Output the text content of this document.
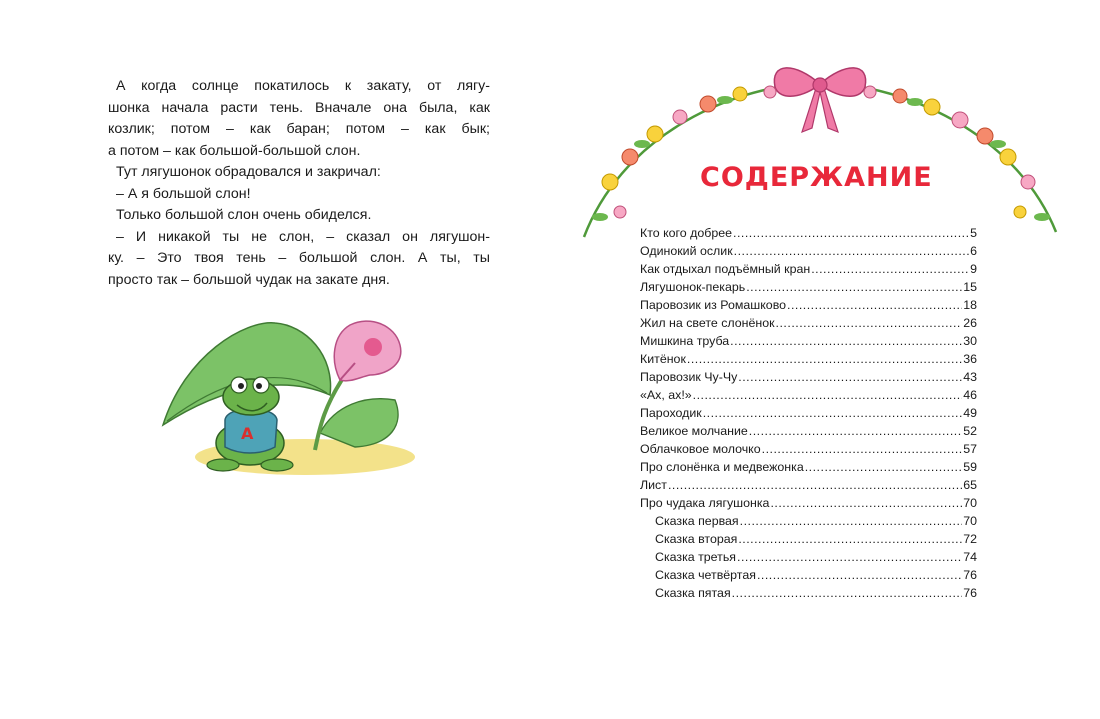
А когда солнце покатилось к закату, от лягу-

шонка начала расти тень. Вначале она была, как

козлик; потом – как баран; потом – как бык;

а потом – как большой-большой слон.

Тут лягушонок обрадовался и закричал:

– А я большой слон!

Только большой слон очень обиделся.

– И никакой ты не слон, – сказал он лягушон-

ку. – Это твоя тень – большой слон. А ты, ты

просто так – большой чудак на закате дня.

А
СОДЕРЖАНИЕ
Кто кого добрее .....	5
Одинокий ослик .....	6
Как отдыхал подъёмный кран .....	9
Лягушонок-пекарь .....	15
Паровозик из Ромашково .....	18
Жил на свете слонёнок .....	26
Мишкина труба .....	30
Китёнок .....	36
Паровозик Чу-Чу .....	43
«Ах, ах!» .....	46
Пароходик .....	49
Великое молчание .....	52
Облачковое молочко .....	57
Про слонёнка и медвежонка .....	59
Лист .....	65
Про чудака лягушонка .....	70
Сказка первая .....	70
Сказка вторая .....	72
Сказка третья .....	74
Сказка четвёртая .....	76
Сказка пятая .....	76
